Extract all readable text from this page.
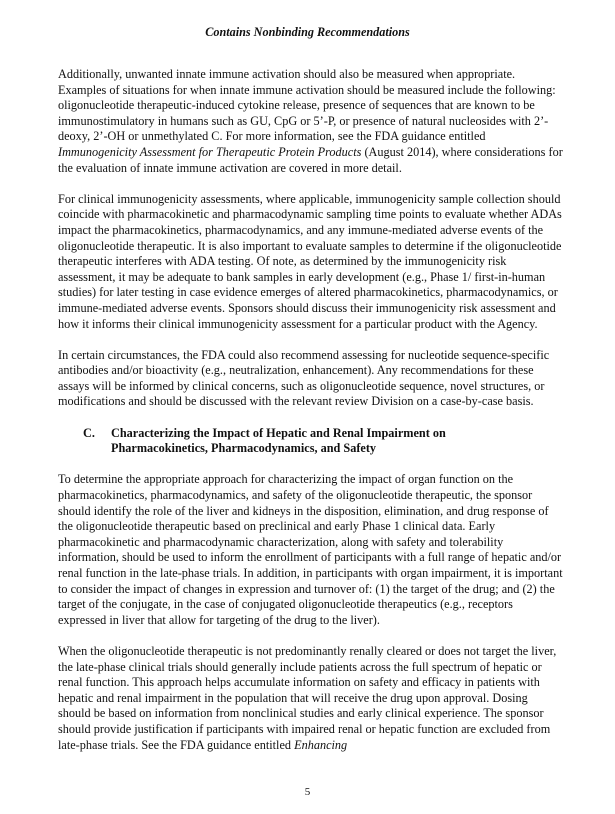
Contains Nonbinding Recommendations

Additionally, unwanted innate immune activation should also be measured when appropriate. Examples of situations for when innate immune activation should be measured include the following: oligonucleotide therapeutic-induced cytokine release, presence of sequences that are known to be immunostimulatory in humans such as GU, CpG or 5’-P, or presence of natural nucleosides with 2’-deoxy, 2’-OH or unmethylated C. For more information, see the FDA guidance entitled Immunogenicity Assessment for Therapeutic Protein Products (August 2014), where considerations for the evaluation of innate immune activation are covered in more detail.

For clinical immunogenicity assessments, where applicable, immunogenicity sample collection should coincide with pharmacokinetic and pharmacodynamic sampling time points to evaluate whether ADAs impact the pharmacokinetics, pharmacodynamics, and any immune-mediated adverse events of the oligonucleotide therapeutic. It is also important to evaluate samples to determine if the oligonucleotide therapeutic interferes with ADA testing. Of note, as determined by the immunogenicity risk assessment, it may be adequate to bank samples in early development (e.g., Phase 1/ first-in-human studies) for later testing in case evidence emerges of altered pharmacokinetics, pharmacodynamics, or immune-mediated adverse events. Sponsors should discuss their immunogenicity risk assessment and how it informs their clinical immunogenicity assessment for a particular product with the Agency.

In certain circumstances, the FDA could also recommend assessing for nucleotide sequence-specific antibodies and/or bioactivity (e.g., neutralization, enhancement). Any recommendations for these assays will be informed by clinical concerns, such as oligonucleotide sequence, novel structures, or modifications and should be discussed with the relevant review Division on a case-by-case basis.

C.	Characterizing the Impact of Hepatic and Renal Impairment on
Pharmacokinetics, Pharmacodynamics, and Safety

To determine the appropriate approach for characterizing the impact of organ function on the pharmacokinetics, pharmacodynamics, and safety of the oligonucleotide therapeutic, the sponsor should identify the role of the liver and kidneys in the disposition, elimination, and drug response of the oligonucleotide therapeutic based on preclinical and early Phase 1 clinical data. Early pharmacokinetic and pharmacodynamic characterization, along with safety and tolerability information, should be used to inform the enrollment of participants with a full range of hepatic and/or renal function in the late-phase trials. In addition, in participants with organ impairment, it is important to consider the impact of changes in expression and turnover of: (1) the target of the drug; and (2) the target of the conjugate, in the case of conjugated oligonucleotide therapeutics (e.g., receptors expressed in liver that allow for targeting of the drug to the liver).

When the oligonucleotide therapeutic is not predominantly renally cleared or does not target the liver, the late-phase clinical trials should generally include patients across the full spectrum of hepatic or renal function. This approach helps accumulate information on safety and efficacy in patients with hepatic and renal impairment in the population that will receive the drug upon approval. Dosing should be based on information from nonclinical studies and early clinical experience. The sponsor should provide justification if participants with impaired renal or hepatic function are excluded from late-phase trials. See the FDA guidance entitled Enhancing

5
